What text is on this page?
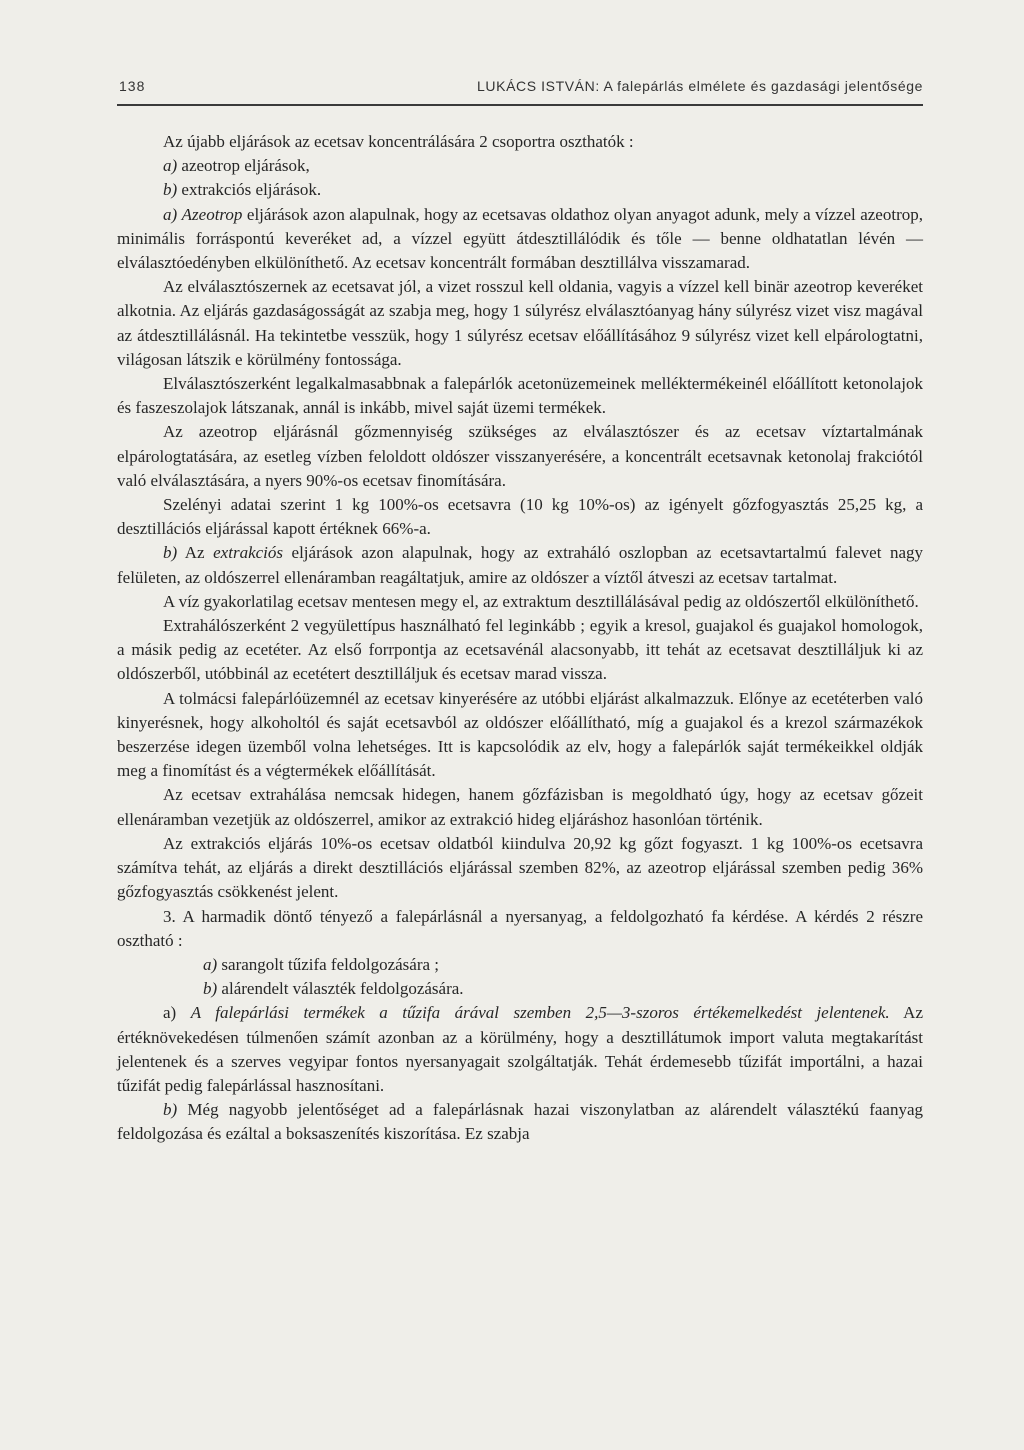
138	LUKÁCS ISTVÁN: A falepárlás elmélete és gazdasági jelentősége

Az újabb eljárások az ecetsav koncentrálására 2 csoportra oszthatók :

a) azeotrop eljárások,

b) extrakciós eljárások.

a) Azeotrop eljárások azon alapulnak, hogy az ecetsavas oldathoz olyan anyagot adunk, mely a vízzel azeotrop, minimális forráspontú keveréket ad, a vízzel együtt átdesztillálódik és tőle — benne oldhatatlan lévén — elválasztóedényben elkülöníthető. Az ecetsav koncentrált formában desztillálva visszamarad.

Az elválasztószernek az ecetsavat jól, a vizet rosszul kell oldania, vagyis a vízzel kell binär azeotrop keveréket alkotnia. Az eljárás gazdaságosságát az szabja meg, hogy 1 súlyrész elválasztóanyag hány súlyrész vizet visz magával az átdesztillálásnál. Ha tekintetbe vesszük, hogy 1 súlyrész ecetsav előállításához 9 súlyrész vizet kell elpárologtatni, világosan látszik e körülmény fontossága.

Elválasztószerként legalkalmasabbnak a falepárlók acetonüzemeinek melléktermékeinél előállított ketonolajok és faszeszolajok látszanak, annál is inkább, mivel saját üzemi termékek.

Az azeotrop eljárásnál gőzmennyiség szükséges az elválasztószer és az ecetsav víztartalmának elpárologtatására, az esetleg vízben feloldott oldószer visszanyerésére, a koncentrált ecetsavnak ketonolaj frakciótól való elválasztására, a nyers 90%-os ecetsav finomítására.

Szelényi adatai szerint 1 kg 100%-os ecetsavra (10 kg 10%-os) az igényelt gőzfogyasztás 25,25 kg, a desztillációs eljárással kapott értéknek 66%-a.

b) Az extrakciós eljárások azon alapulnak, hogy az extraháló oszlopban az ecetsavtartalmú falevet nagy felületen, az oldószerrel ellenáramban reagáltatjuk, amire az oldószer a víztől átveszi az ecetsav tartalmat.

A víz gyakorlatilag ecetsav mentesen megy el, az extraktum desztillálásával pedig az oldószertől elkülöníthető.

Extrahálószerként 2 vegyülettípus használható fel leginkább ; egyik a kresol, guajakol és guajakol homologok, a másik pedig az ecetéter. Az első forrpontja az ecetsavénál alacsonyabb, itt tehát az ecetsavat desztilláljuk ki az oldószerből, utóbbinál az ecetétert desztilláljuk és ecetsav marad vissza.

A tolmácsi falepárlóüzemnél az ecetsav kinyerésére az utóbbi eljárást alkalmazzuk. Előnye az ecetéterben való kinyerésnek, hogy alkoholtól és saját ecetsavból az oldószer előállítható, míg a guajakol és a krezol származékok beszerzése idegen üzemből volna lehetséges. Itt is kapcsolódik az elv, hogy a falepárlók saját termékeikkel oldják meg a finomítást és a végtermékek előállítását.

Az ecetsav extrahálása nemcsak hidegen, hanem gőzfázisban is megoldható úgy, hogy az ecetsav gőzeit ellenáramban vezetjük az oldószerrel, amikor az extrakció hideg eljáráshoz hasonlóan történik.

Az extrakciós eljárás 10%-os ecetsav oldatból kiindulva 20,92 kg gőzt fogyaszt. 1 kg 100%-os ecetsavra számítva tehát, az eljárás a direkt desztillációs eljárással szemben 82%, az azeotrop eljárással szemben pedig 36% gőzfogyasztás csökkenést jelent.

3. A harmadik döntő tényező a falepárlásnál a nyersanyag, a feldolgozható fa kérdése. A kérdés 2 részre osztható :

a) sarangolt tűzifa feldolgozására ;

b) alárendelt választék feldolgozására.

a) A falepárlási termékek a tűzifa árával szemben 2,5—3-szoros értékemelkedést jelentenek. Az értéknövekedésen túlmenően számít azonban az a körülmény, hogy a desztillátumok import valuta megtakarítást jelentenek és a szerves vegyipar fontos nyersanyagait szolgáltatják. Tehát érdemesebb tűzifát importálni, a hazai tűzifát pedig falepárlással hasznosítani.

b) Még nagyobb jelentőséget ad a falepárlásnak hazai viszonylatban az alárendelt választékú faanyag feldolgozása és ezáltal a boksaszenítés kiszorítása. Ez szabja
